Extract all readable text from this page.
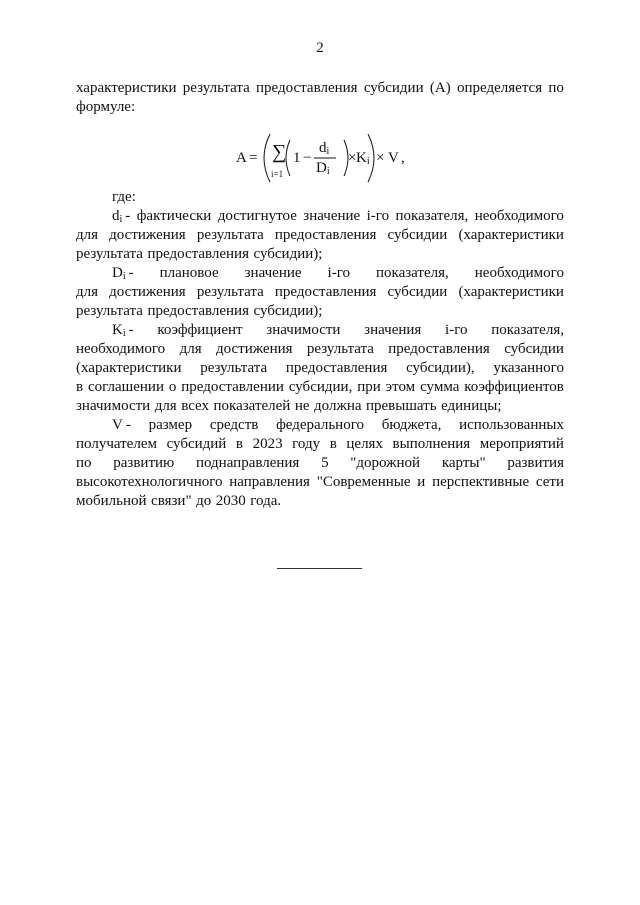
2
характеристики результата предоставления субсидии (A) определяется по
формуле:
A = ∑
i=1
1 −
$d_i$
$D_i$
× $K_i \times V$ ,
где:
$d_i$ - фактически достигнутое значение i-го показателя, необходимого
для достижения результата предоставления субсидии (характеристики
результата предоставления субсидии);
$D_i$ - плановое значение i-го показателя, необходимого
для достижения результата предоставления субсидии (характеристики
результата предоставления субсидии);
$K_i$ - коэффициент значимости значения i-го показателя,
необходимого для достижения результата предоставления субсидии
(характеристики результата предоставления субсидии), указанного
в соглашении о предоставлении субсидии, при этом сумма коэффициентов
значимости для всех показателей не должна превышать единицы;
V - размер средств федерального бюджета, использованных
получателем субсидий в 2023 году в целях выполнения мероприятий
по развитию поднаправления 5 "дорожной карты" развития
высокотехнологичного направления "Современные и перспективные сети
мобильной связи" до 2030 года.
